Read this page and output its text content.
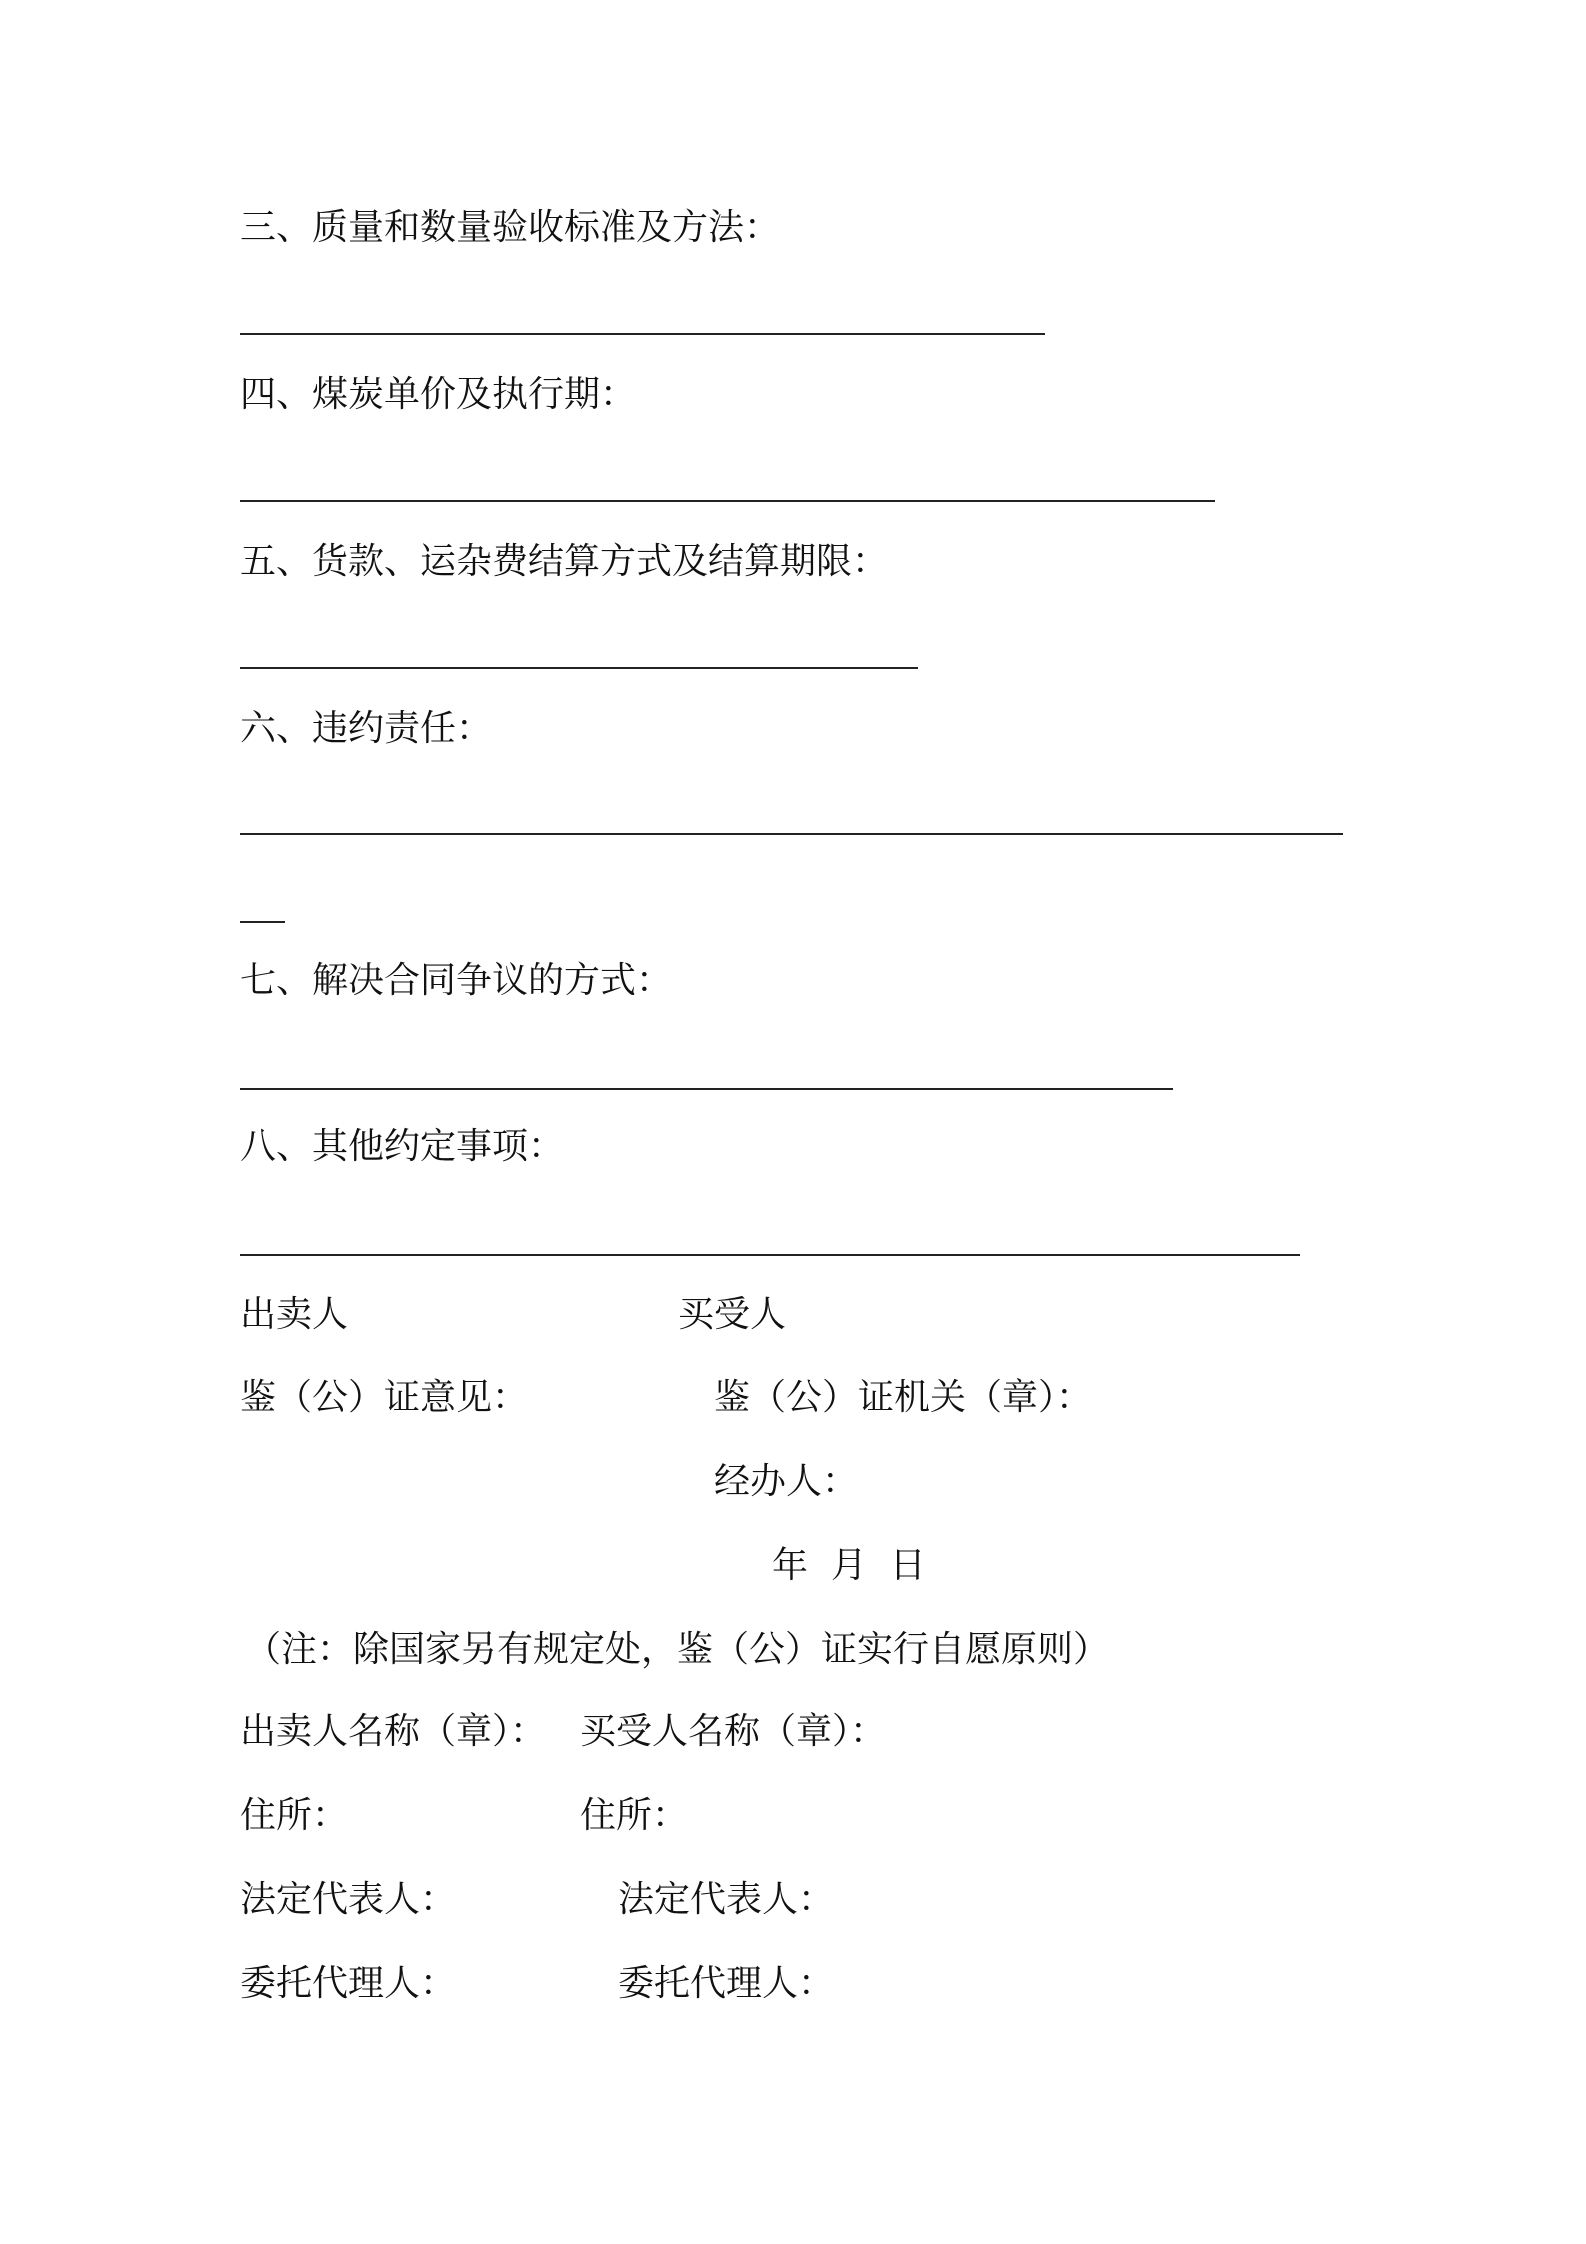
三、质量和数量验收标准及方法：
四、煤炭单价及执行期：
五、货款、运杂费结算方式及结算期限：
六、违约责任：
七、解决合同争议的方式：
八、其他约定事项：
出卖人	买受人
鉴（公）证意见：	鉴（公）证机关（章）：
经办人：
年  月  日
（注：除国家另有规定处，鉴（公）证实行自愿原则）
出卖人名称（章）： 买受人名称（章）：
住所：	住所：
法定代表人：	法定代表人：
委托代理人：	委托代理人：
